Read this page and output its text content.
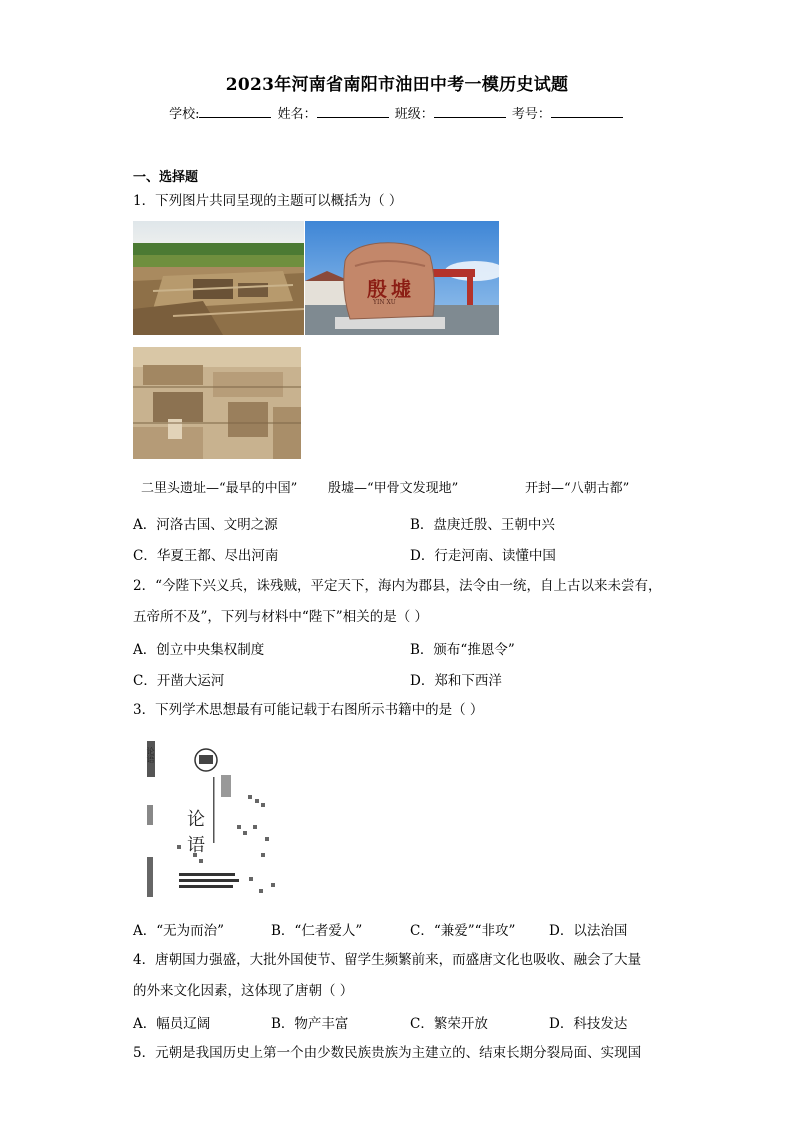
2023年河南省南阳市油田中考一模历史试题
学校:	姓名：	班级：	考号：
一、选择题
1．下列图片共同呈现的主题可以概括为（ ）
殷墟
YIN XU
二里头遗址—“最早的中国” 殷墟—“甲骨文发现地”	开封—“八朝古都”
A．河洛古国、文明之源	B．盘庚迁殷、王朝中兴
C．华夏王都、尽出河南	D．行走河南、读懂中国
2．“今陛下兴义兵，诛残贼，平定天下，海内为郡县，法令由一统，自上古以来未尝有，
五帝所不及”，下列与材料中“陛下”相关的是（ ）
A．创立中央集权制度	B．颁布“推恩令”
C．开凿大运河	D．郑和下西洋
3．下列学术思想最有可能记载于右图所示书籍中的是（ ）
论
语
论语
A．“无为而治”	B．“仁者爱人”	C．“兼爱”“非攻” D．以法治国
4．唐朝国力强盛，大批外国使节、留学生频繁前来，而盛唐文化也吸收、融会了大量
的外来文化因素，这体现了唐朝（ ）
A．幅员辽阔	B．物产丰富	C．繁荣开放	D．科技发达
5．元朝是我国历史上第一个由少数民族贵族为主建立的、结束长期分裂局面、实现国
